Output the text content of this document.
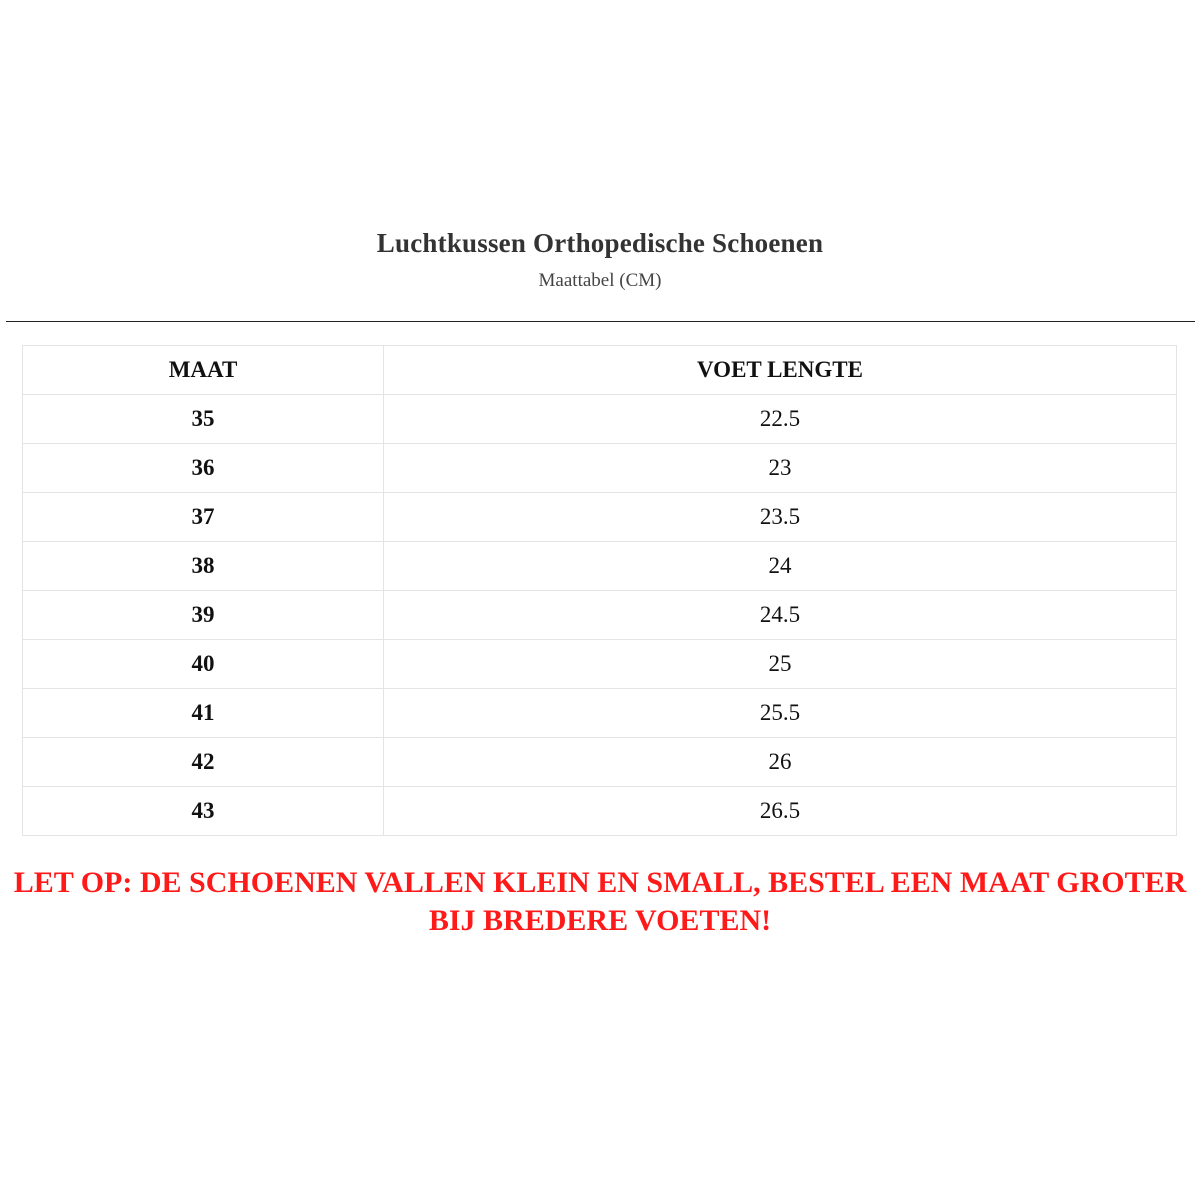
Luchtkussen Orthopedische Schoenen
Maattabel (CM)
MAAT	VOET LENGTE
35	22.5
36	23
37	23.5
38	24
39	24.5
40	25
41	25.5
42	26
43	26.5
LET OP: DE SCHOENEN VALLEN KLEIN EN SMALL, BESTEL EEN MAAT GROTER BIJ BREDERE VOETEN!
